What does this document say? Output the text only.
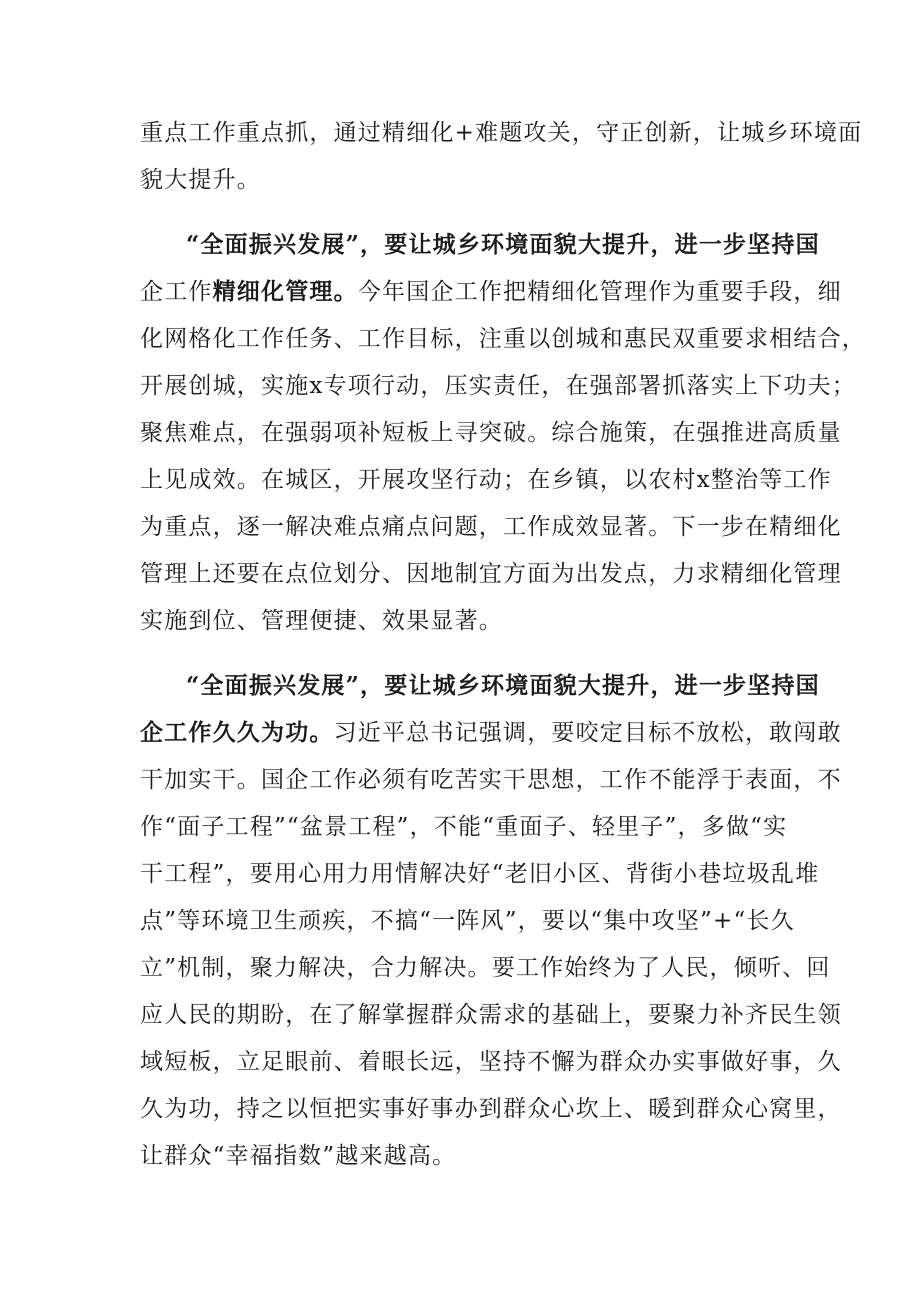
重点工作重点抓，通过精细化+难题攻关，守正创新，让城乡环境面
貌大提升。
“全面振兴发展”，要让城乡环境面貌大提升，进一步坚持国
企工作精细化管理。今年国企工作把精细化管理作为重要手段，细
化网格化工作任务、工作目标，注重以创城和惠民双重要求相结合，
开展创城，实施x专项行动，压实责任，在强部署抓落实上下功夫；
聚焦难点，在强弱项补短板上寻突破。综合施策，在强推进高质量
上见成效。在城区，开展攻坚行动；在乡镇，以农村x整治等工作
为重点，逐一解决难点痛点问题，工作成效显著。下一步在精细化
管理上还要在点位划分、因地制宜方面为出发点，力求精细化管理
实施到位、管理便捷、效果显著。
“全面振兴发展”，要让城乡环境面貌大提升，进一步坚持国
企工作久久为功。习近平总书记强调，要咬定目标不放松，敢闯敢
干加实干。国企工作必须有吃苦实干思想，工作不能浮于表面，不
作“面子工程”“盆景工程”，不能“重面子、轻里子”，多做“实
干工程”，要用心用力用情解决好“老旧小区、背街小巷垃圾乱堆
点”等环境卫生顽疾，不搞“一阵风”，要以“集中攻坚”+“长久
立”机制，聚力解决，合力解决。要工作始终为了人民，倾听、回
应人民的期盼，在了解掌握群众需求的基础上，要聚力补齐民生领
域短板，立足眼前、着眼长远，坚持不懈为群众办实事做好事，久
久为功，持之以恒把实事好事办到群众心坎上、暖到群众心窝里，
让群众“幸福指数”越来越高。
